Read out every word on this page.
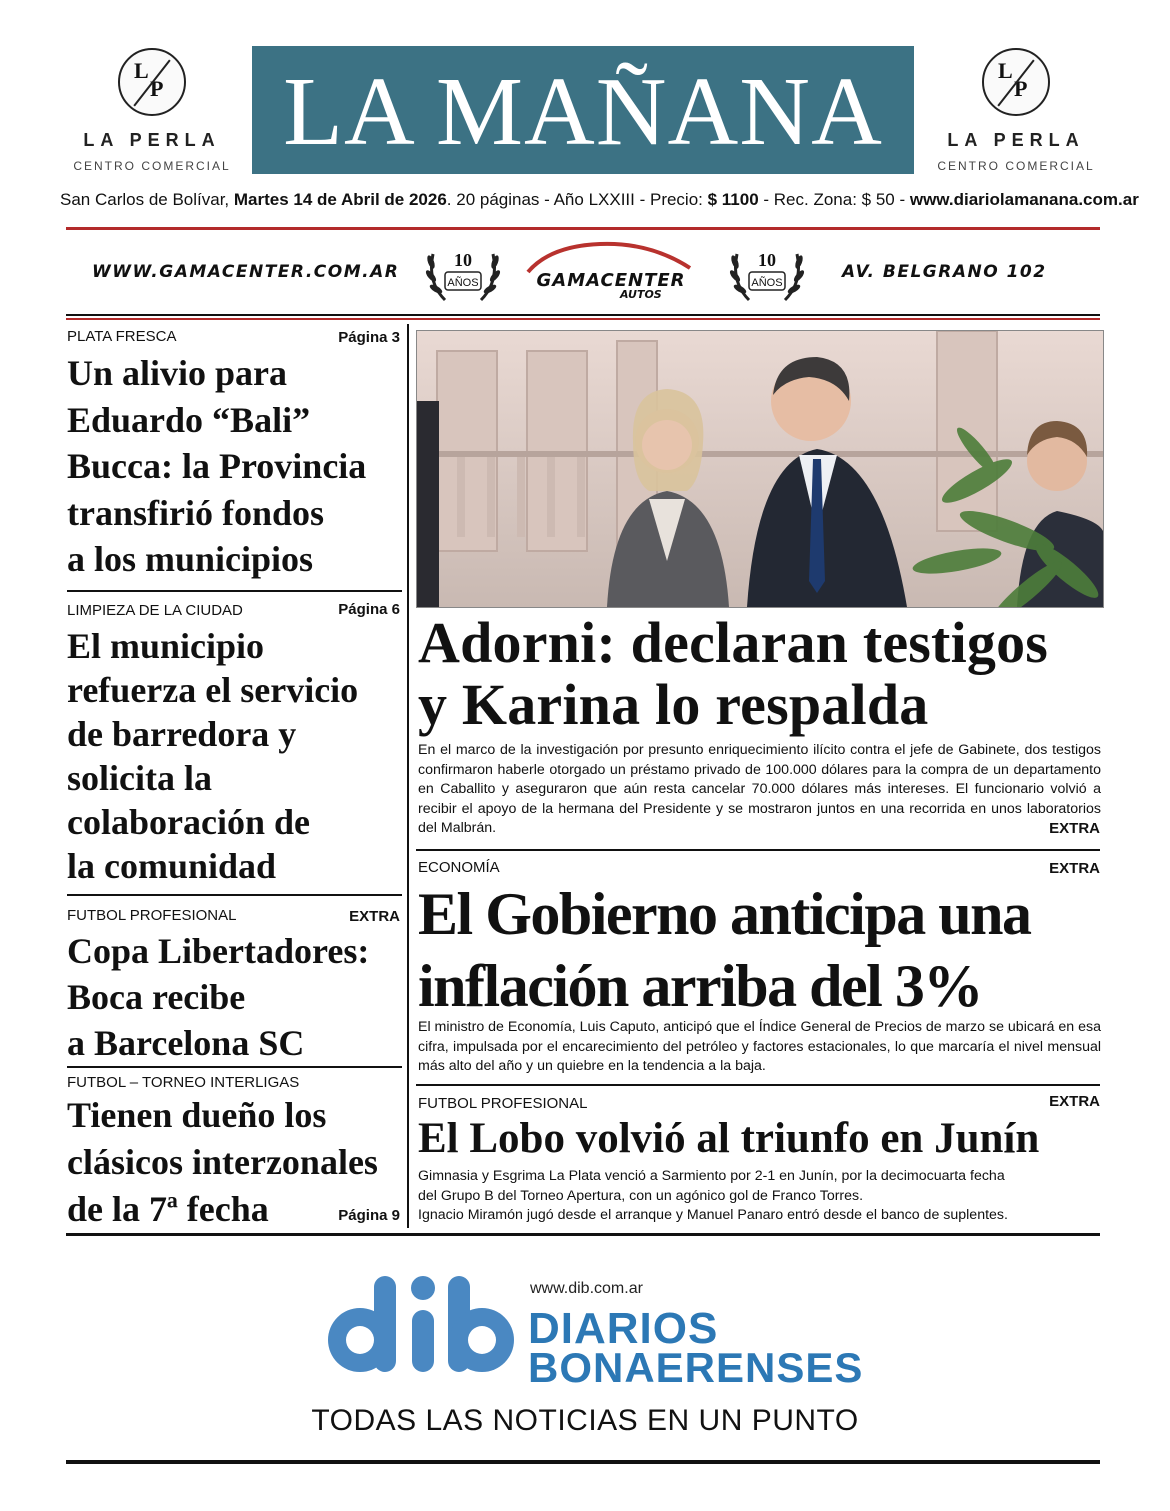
L
P
LA PERLA
CENTRO COMERCIAL LA MAÑANA	L
P
LA PERLA
CENTRO COMERCIAL
San Carlos de Bolívar, Martes 14 de Abril de 2026. 20 páginas - Año LXXIII - Precio: $ 1100 - Rec. Zona: $ 50 - www.diariolamanana.com.ar
WWW.GAMACENTER.COM.AR
10
AÑOS	GAMACENTER
AUTOS
10
AÑOS
AV. BELGRANO 102
PLATA FRESCA	Página 3
Un alivio para
Eduardo “Bali”
Bucca: la Provincia
transfirió fondos
a los municipios
LIMPIEZA DE LA CIUDAD	Página 6
El municipio
refuerza el servicio
de barredora y
solicita la
colaboración de
la comunidad
FUTBOL PROFESIONAL	EXTRA
Copa Libertadores:
Boca recibe
a Barcelona SC
FUTBOL – TORNEO INTERLIGAS
Tienen dueño los
clásicos interzonales
de la 7ª fecha	Página 9
Adorni: declaran testigos
y Karina lo respalda
En el marco de la investigación por presunto enriquecimiento ilícito contra el jefe de Gabinete, dos testigos confirmaron haberle otorgado un préstamo privado de 100.000 dólares para la compra de un departamento en Caballito y aseguraron que aún resta cancelar 70.000 dólares más intereses. El funcionario volvió a recibir el apoyo de la hermana del Presidente y se mostraron juntos en una recorrida en unos laboratorios del Malbrán.	EXTRA
ECONOMÍA	EXTRA
El Gobierno anticipa una
inflación arriba del 3%
El ministro de Economía, Luis Caputo, anticipó que el Índice General de Precios de marzo se ubicará en esa cifra, impulsada por el encarecimiento del petróleo y factores estacionales, lo que marcaría el nivel mensual más alto del año y un quiebre en la tendencia a la baja.
FUTBOL PROFESIONAL	EXTRA
El Lobo volvió al triunfo en Junín
Gimnasia y Esgrima La Plata venció a Sarmiento por 2-1 en Junín, por la decimocuarta fecha
del Grupo B del Torneo Apertura, con un agónico gol de Franco Torres.
Ignacio Miramón jugó desde el arranque y Manuel Panaro entró desde el banco de suplentes.
www.dib.com.ar
DIARIOS
BONAERENSES
TODAS LAS NOTICIAS EN UN PUNTO
